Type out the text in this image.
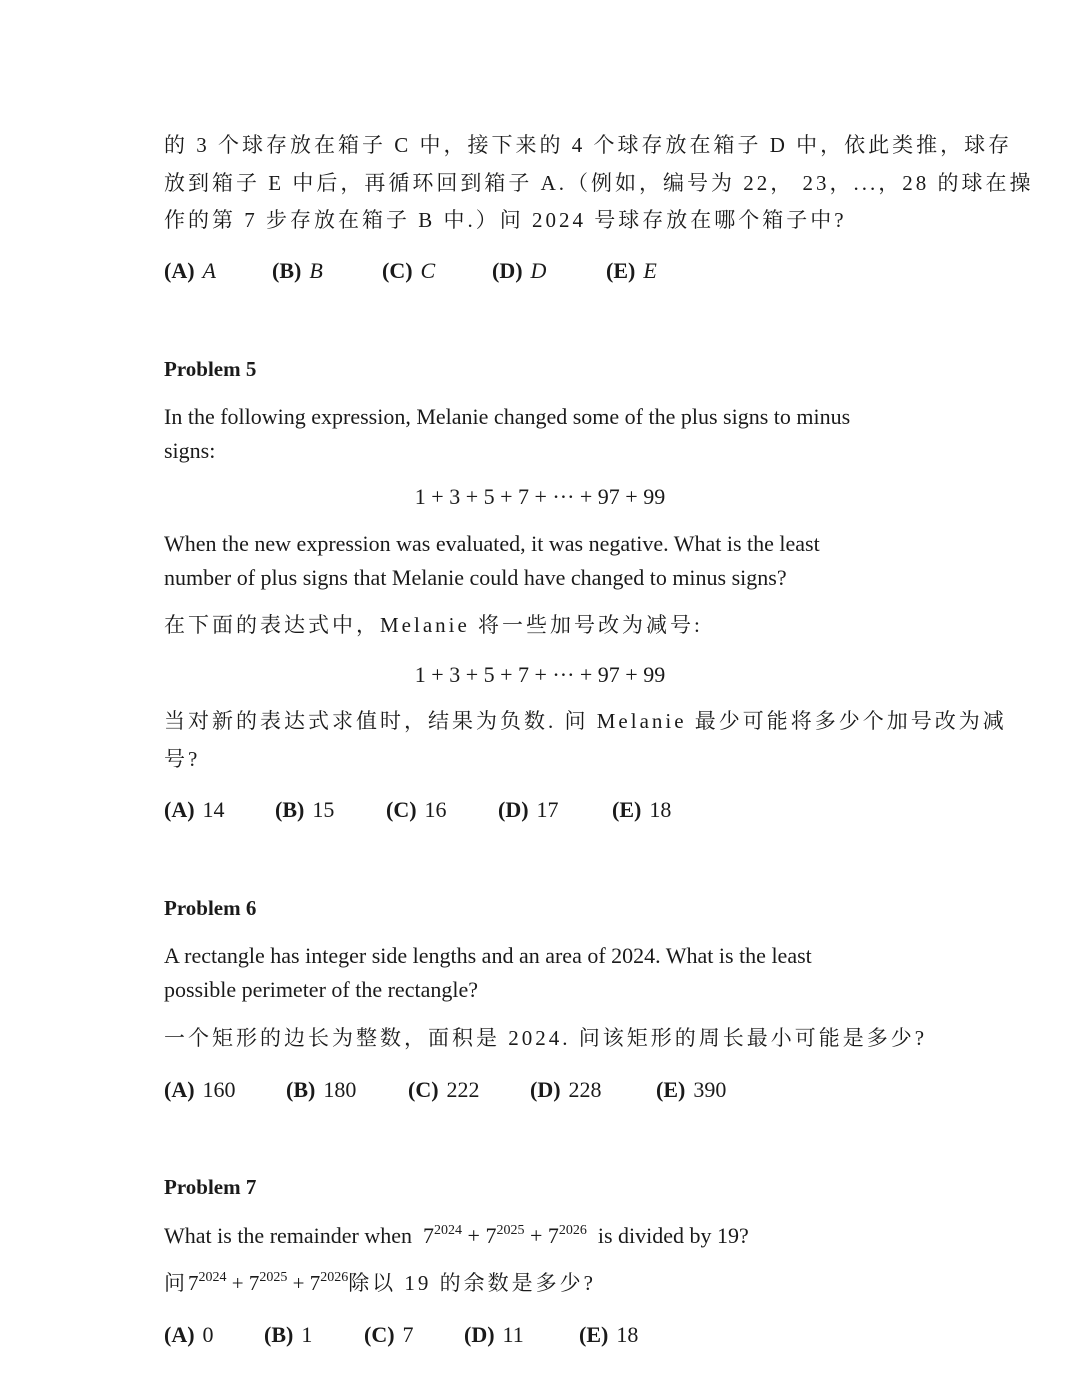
的 3 个球存放在箱子 C 中，接下来的 4 个球存放在箱子 D 中，依此类推，球存
放到箱子 E 中后，再循环回到箱子 A.（例如，编号为 22， 23，...，28 的球在操
作的第 7 步存放在箱子 B 中.）问 2024 号球存放在哪个箱子中?
(A) A	(B) B	(C) C	(D) D	(E) E
Problem 5
In the following expression, Melanie changed some of the plus signs to minus
signs:
1 + 3 + 5 + 7 + ··· + 97 + 99
When the new expression was evaluated, it was negative. What is the least
number of plus signs that Melanie could have changed to minus signs?
在下面的表达式中，Melanie 将一些加号改为减号:
1 + 3 + 5 + 7 + ··· + 97 + 99
当对新的表达式求值时，结果为负数. 问 Melanie 最少可能将多少个加号改为减
号?
(A) 14 (B) 15 (C) 16 (D) 17 (E) 18
Problem 6
A rectangle has integer side lengths and an area of 2024. What is the least
possible perimeter of the rectangle?
一个矩形的边长为整数，面积是 2024. 问该矩形的周长最小可能是多少?
(A) 160 (B) 180 (C) 222 (D) 228 (E) 390
Problem 7
What is the remainder when $7^{2024} + 7^{2025} + 7^{2026}$ is divided by 19?
问$7^{2024} + 7^{2025} + 7^{2026}$除以 19 的余数是多少?
(A) 0 (B) 1 (C) 7 (D) 11	(E) 18
